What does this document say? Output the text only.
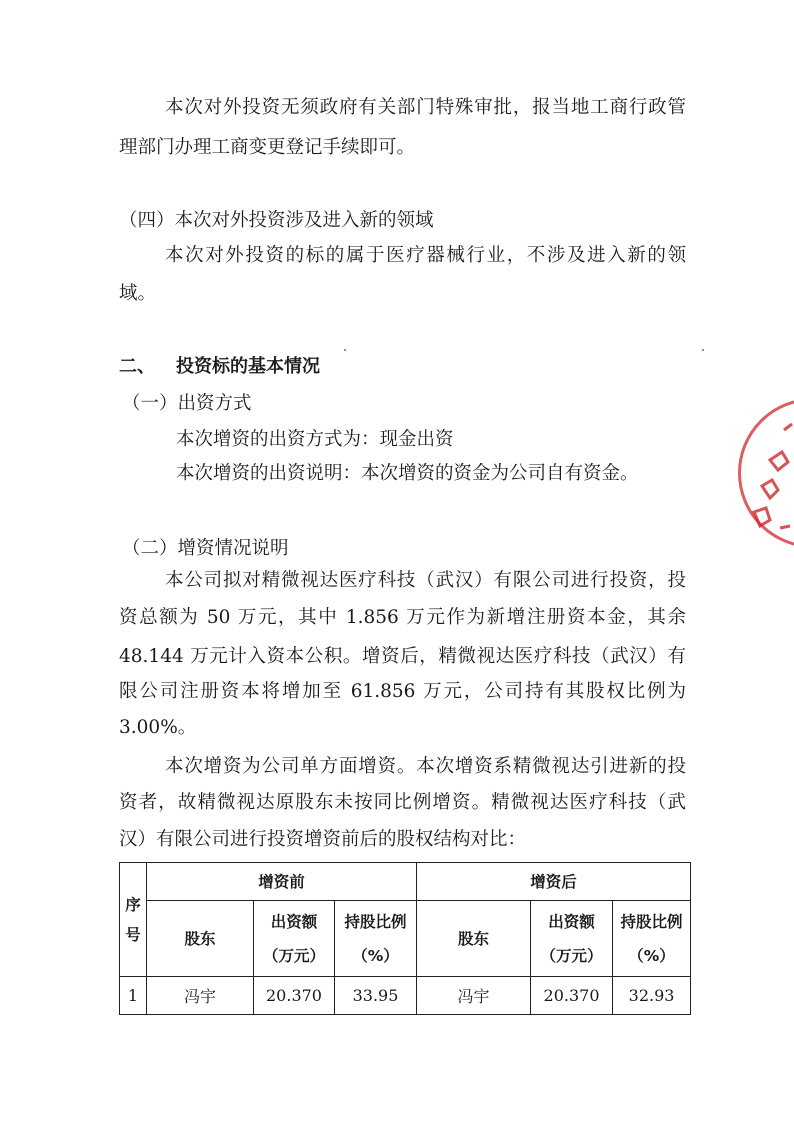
本次对外投资无须政府有关部门特殊审批，报当地工商行政管
理部门办理工商变更登记手续即可。
（四）本次对外投资涉及进入新的领域
本次对外投资的标的属于医疗器械行业，不涉及进入新的领
域。
二、 投资标的基本情况
（一）出资方式
本次增资的出资方式为：现金出资
本次增资的出资说明：本次增资的资金为公司自有资金。
（二）增资情况说明
本公司拟对精微视达医疗科技（武汉）有限公司进行投资，投
资总额为 50 万元，其中 1.856 万元作为新增注册资本金，其余
48.144 万元计入资本公积。增资后，精微视达医疗科技（武汉）有
限公司注册资本将增加至 61.856 万元，公司持有其股权比例为
3.00%。
本次增资为公司单方面增资。本次增资系精微视达引进新的投
资者，故精微视达原股东未按同比例增资。精微视达医疗科技（武
汉）有限公司进行投资增资前后的股权结构对比：
序号	增资前			增资后		
	股东	出资额（万元）	持股比例（%）	股东	出资额（万元）	持股比例（%）
1	冯宇	20.370	33.95	冯宇	20.370	32.93
